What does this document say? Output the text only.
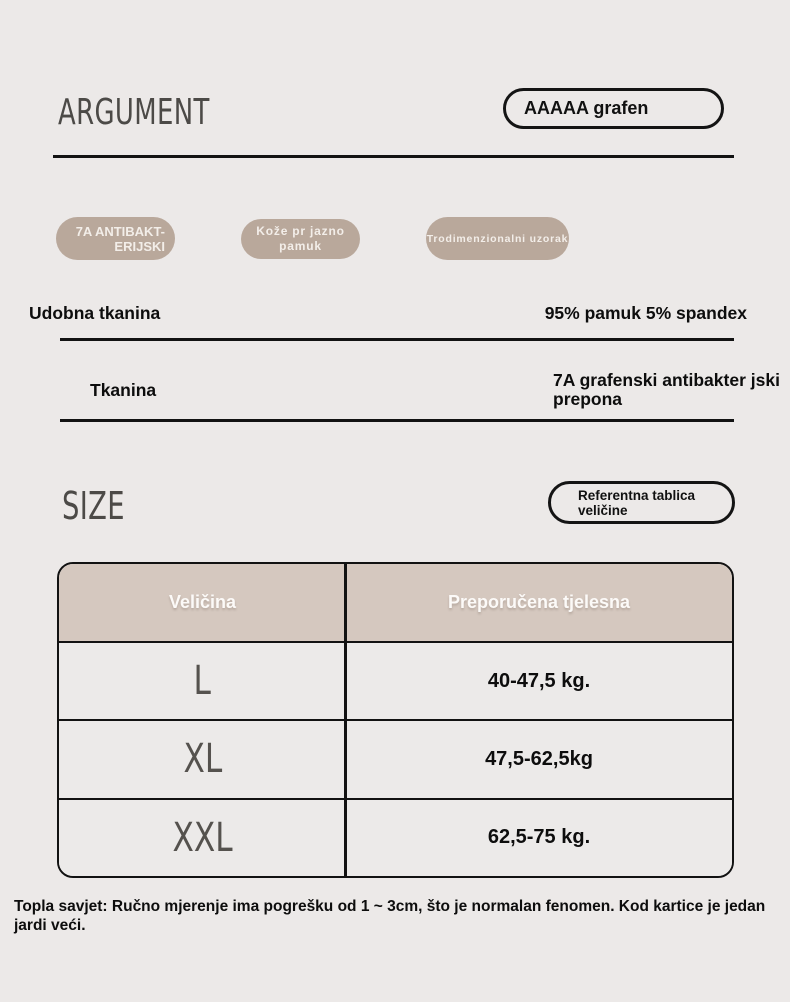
ARGUMENT	AAAAA grafen
7A ANTIBAKT-
ERIJSKI
Kože pr jazno
pamuk
Trodimenzionalni uzorak
Udobna tkanina	95% pamuk 5% spandex
Tkanina	7A grafenski antibakter jski prepona
SIZE	Referentna tablica
veličine
Veličina	Preporučena tjelesna
L	40-47,5 kg.
XL	47,5-62,5kg
XXL	62,5-75 kg.
Topla savjet: Ručno mjerenje ima pogrešku od 1 ~ 3cm, što je normalan fenomen. Kod kartice je jedan jardi veći.
